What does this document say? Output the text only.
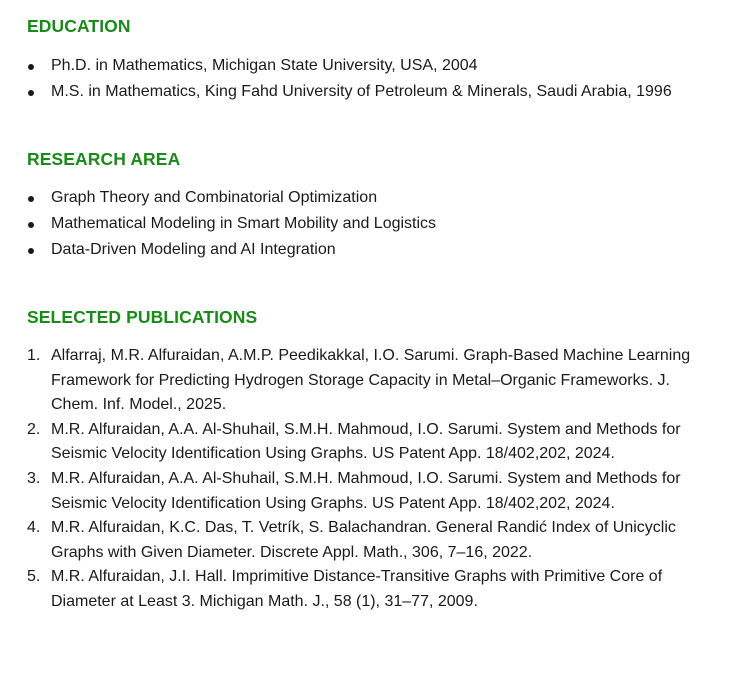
EDUCATION
Ph.D. in Mathematics, Michigan State University, USA, 2004
M.S. in Mathematics, King Fahd University of Petroleum & Minerals, Saudi Arabia, 1996
RESEARCH AREA
Graph Theory and Combinatorial Optimization
Mathematical Modeling in Smart Mobility and Logistics
Data-Driven Modeling and AI Integration
SELECTED PUBLICATIONS
1. Alfarraj, M.R. Alfuraidan, A.M.P. Peedikakkal, I.O. Sarumi. Graph-Based Machine Learning Framework for Predicting Hydrogen Storage Capacity in Metal–Organic Frameworks. J. Chem. Inf. Model., 2025.
2. M.R. Alfuraidan, A.A. Al-Shuhail, S.M.H. Mahmoud, I.O. Sarumi. System and Methods for Seismic Velocity Identification Using Graphs. US Patent App. 18/402,202, 2024.
3. M.R. Alfuraidan, A.A. Al-Shuhail, S.M.H. Mahmoud, I.O. Sarumi. System and Methods for Seismic Velocity Identification Using Graphs. US Patent App. 18/402,202, 2024.
4. M.R. Alfuraidan, K.C. Das, T. Vetrík, S. Balachandran. General Randić Index of Unicyclic Graphs with Given Diameter. Discrete Appl. Math., 306, 7–16, 2022.
5. M.R. Alfuraidan, J.I. Hall. Imprimitive Distance-Transitive Graphs with Primitive Core of Diameter at Least 3. Michigan Math. J., 58 (1), 31–77, 2009.
